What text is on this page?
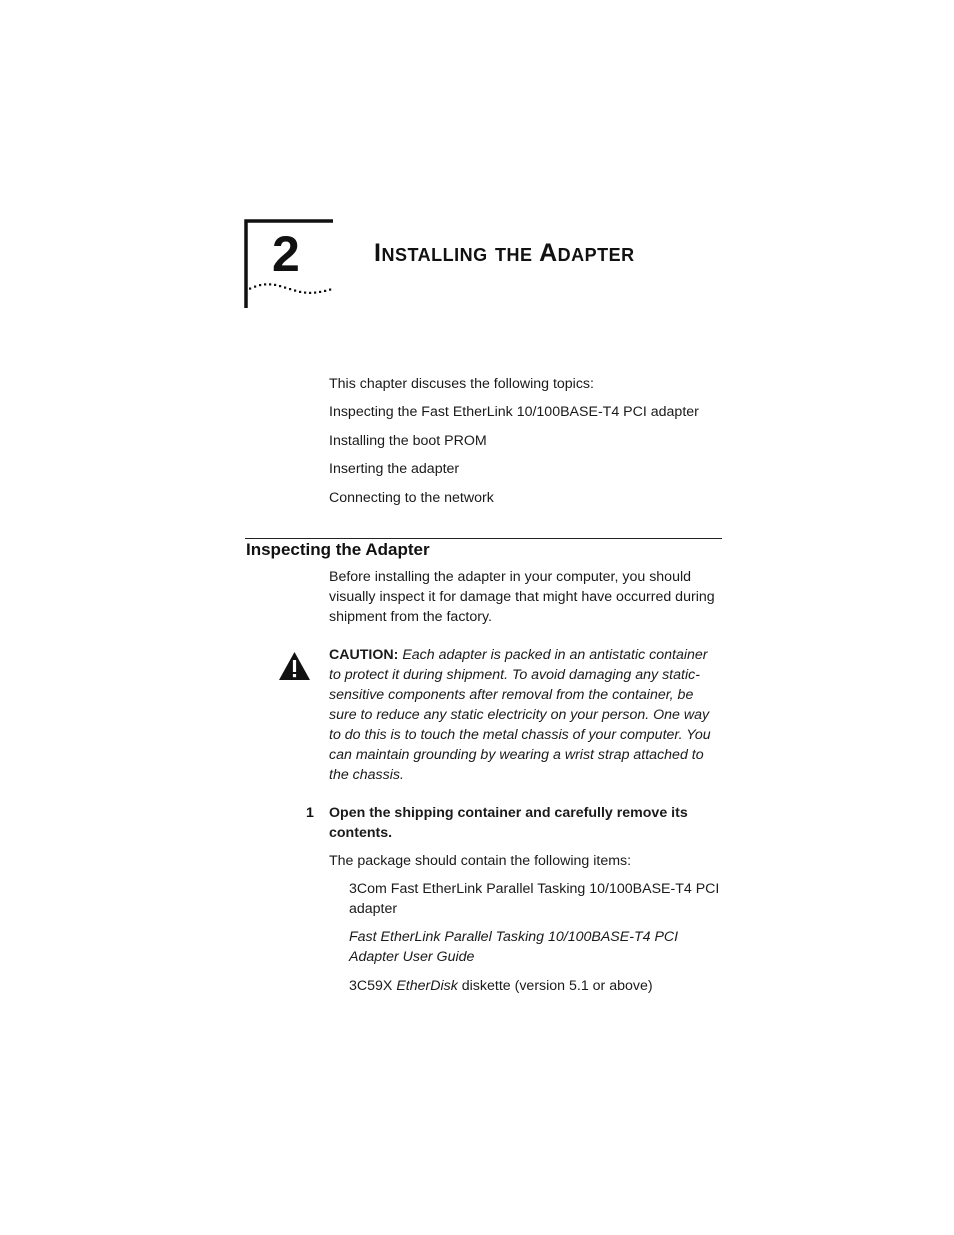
2	Installing the Adapter
This chapter discuses the following topics:
Inspecting the Fast EtherLink 10/100BASE-T4 PCI adapter
Installing the boot PROM
Inserting the adapter
Connecting to the network
Inspecting the Adapter
Before installing the adapter in your computer, you should visually inspect it for damage that might have occurred during shipment from the factory.
CAUTION: Each adapter is packed in an antistatic container to protect it during shipment. To avoid damaging any static-sensitive components after removal from the container, be sure to reduce any static electricity on your person. One way to do this is to touch the metal chassis of your computer. You can maintain grounding by wearing a wrist strap attached to the chassis.
1 Open the shipping container and carefully remove its contents.
The package should contain the following items:
3Com Fast EtherLink Parallel Tasking 10/100BASE-T4 PCI adapter
Fast EtherLink Parallel Tasking 10/100BASE-T4 PCI Adapter User Guide
3C59X EtherDisk diskette (version 5.1 or above)
